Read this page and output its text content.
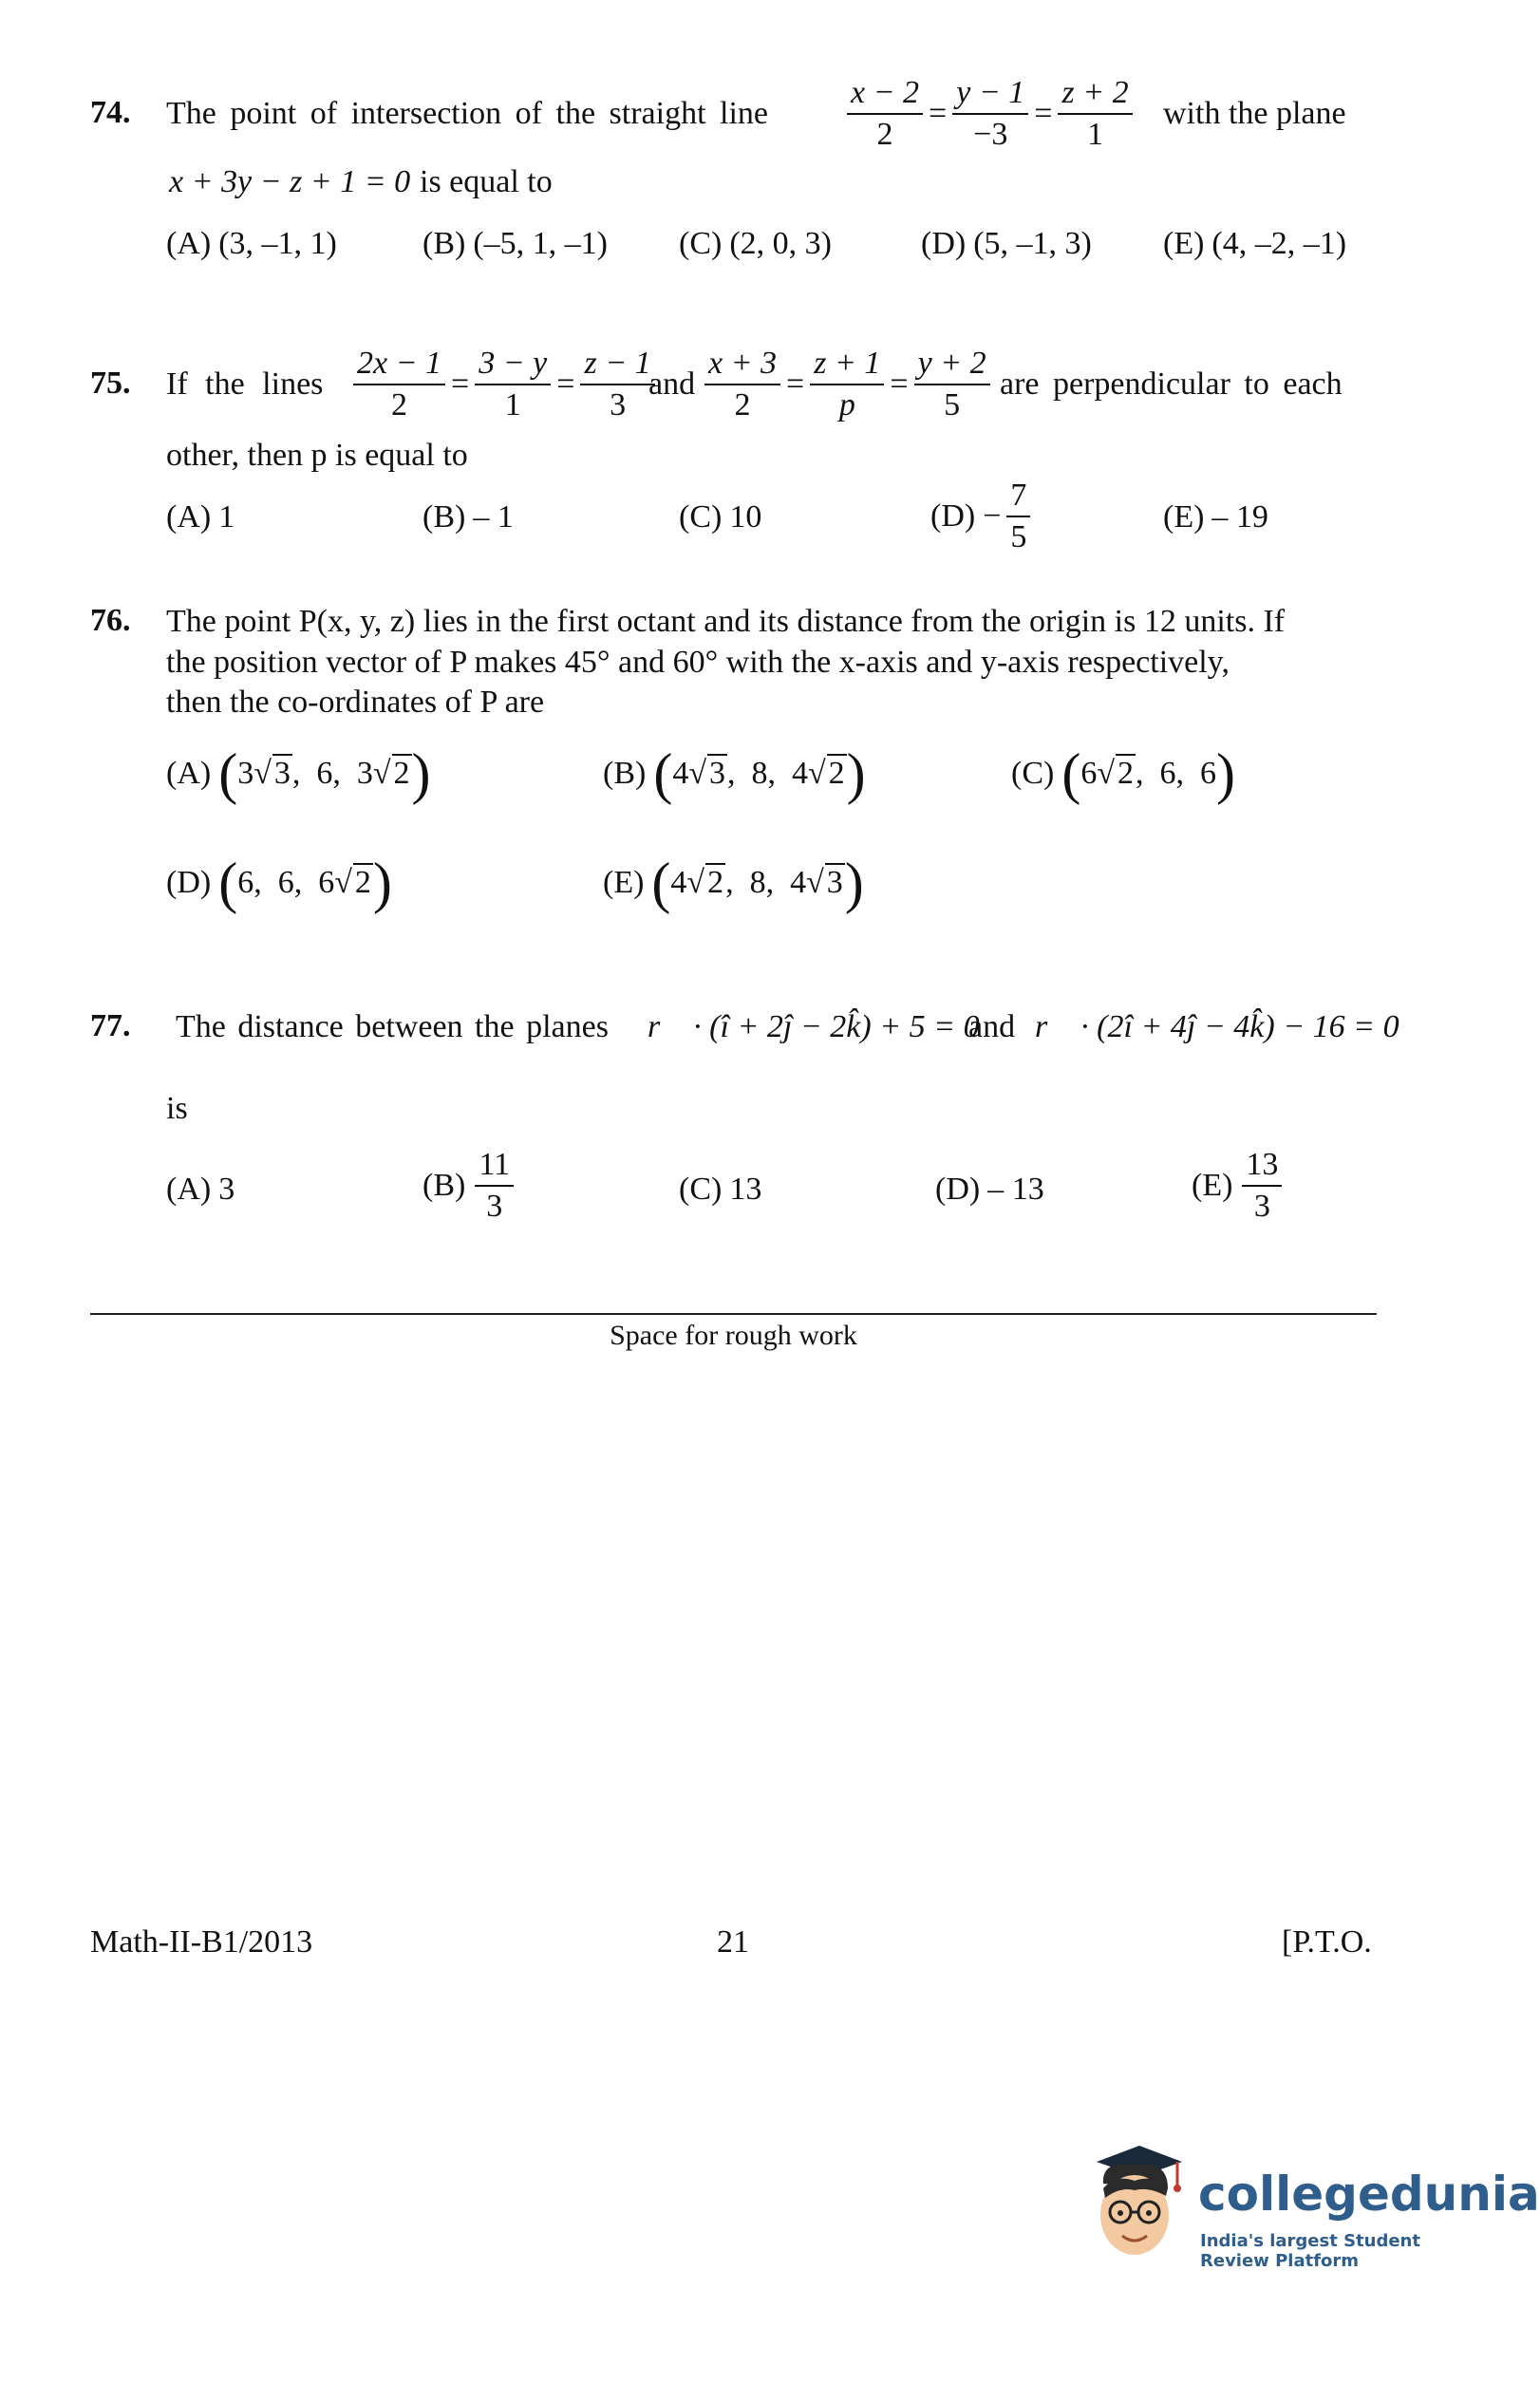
74. The point of intersection of the straight line $\frac{x - 2}{2} = \frac{y - 1}{-3} = \frac{z + 2}{1}$ with the plane
x + 3y − z + 1 = 0 is equal to
(A) (3, –1, 1)	(B) (–5, 1, –1) (C) (2, 0, 3)	(D) (5, –1, 3) (E) (4, –2, –1)
75. If the lines $\frac{2x - 1}{2} = \frac{3 - y}{1} = \frac{z - 1}{3}$
and $\frac{x + 3}{2} = \frac{z + 1}{p} = \frac{y + 2}{5}$ are perpendicular to each
other, then p is equal to
(A) 1	(B) – 1	(C) 10	$(D) - \frac{7}{5}$	(E) – 19
76. The point P(x, y, z) lies in the first octant and its distance from the origin is 12 units. If
the position vector of P makes 45° and 60° with the x-axis and y-axis respectively,
then the co-ordinates of P are
(A) ( 3 √3 , 6 , 3 √2 )	(B) ( 4 √3 , 8 , 4 √2 )	(C) ( 6 √2 , 6 , 6 )
(D) ( 6 , 6 , 6 √2 )	(E) ( 4 √2 , 8 , 4 √3 )
77. The distance between the planes r⃗ · (î + 2ĵ − 2k̂) + 5 = 0
and r⃗ · (2î + 4ĵ − 4k̂) − 16 = 0
is
(A) 3	$(B) \frac{11}{3}$	(C) 13	(D) – 13	$(E) \frac{13}{3}$
Space for rough work
Math-II-B1/2013	21	[P.T.O.
collegedunia
India's largest Student Review Platform
